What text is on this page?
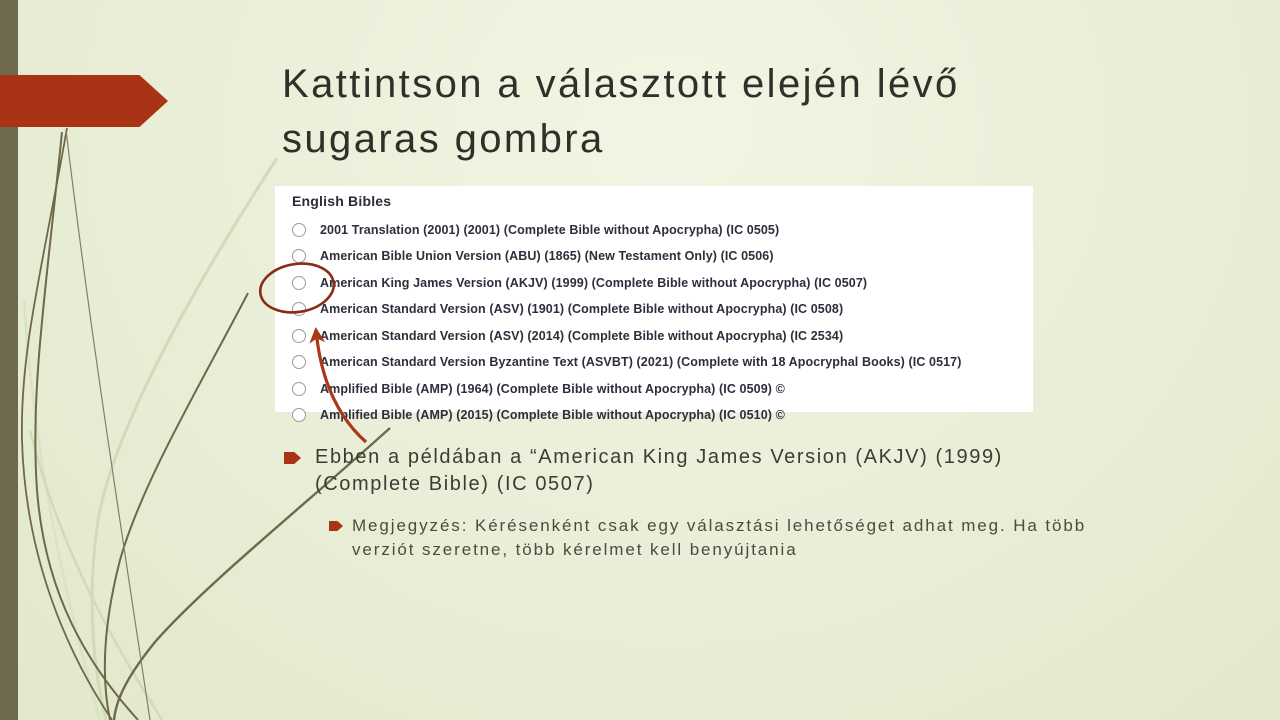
Kattintson a választott elején lévő
sugaras gombra
English Bibles
2001 Translation (2001) (2001) (Complete Bible without Apocrypha) (IC 0505)
American Bible Union Version (ABU) (1865) (New Testament Only) (IC 0506)
American King James Version (AKJV) (1999) (Complete Bible without Apocrypha) (IC 0507)
American Standard Version (ASV) (1901) (Complete Bible without Apocrypha) (IC 0508)
American Standard Version (ASV) (2014) (Complete Bible without Apocrypha) (IC 2534)
American Standard Version Byzantine Text (ASVBT) (2021) (Complete with 18 Apocryphal Books) (IC 0517)
Amplified Bible (AMP) (1964) (Complete Bible without Apocrypha) (IC 0509) ©
Amplified Bible (AMP) (2015) (Complete Bible without Apocrypha) (IC 0510) ©
Ebben a példában a “American King James Version (AKJV) (1999)
(Complete Bible) (IC 0507)
Megjegyzés: Kérésenként csak egy választási lehetőséget adhat meg. Ha több
verziót szeretne, több kérelmet kell benyújtania
